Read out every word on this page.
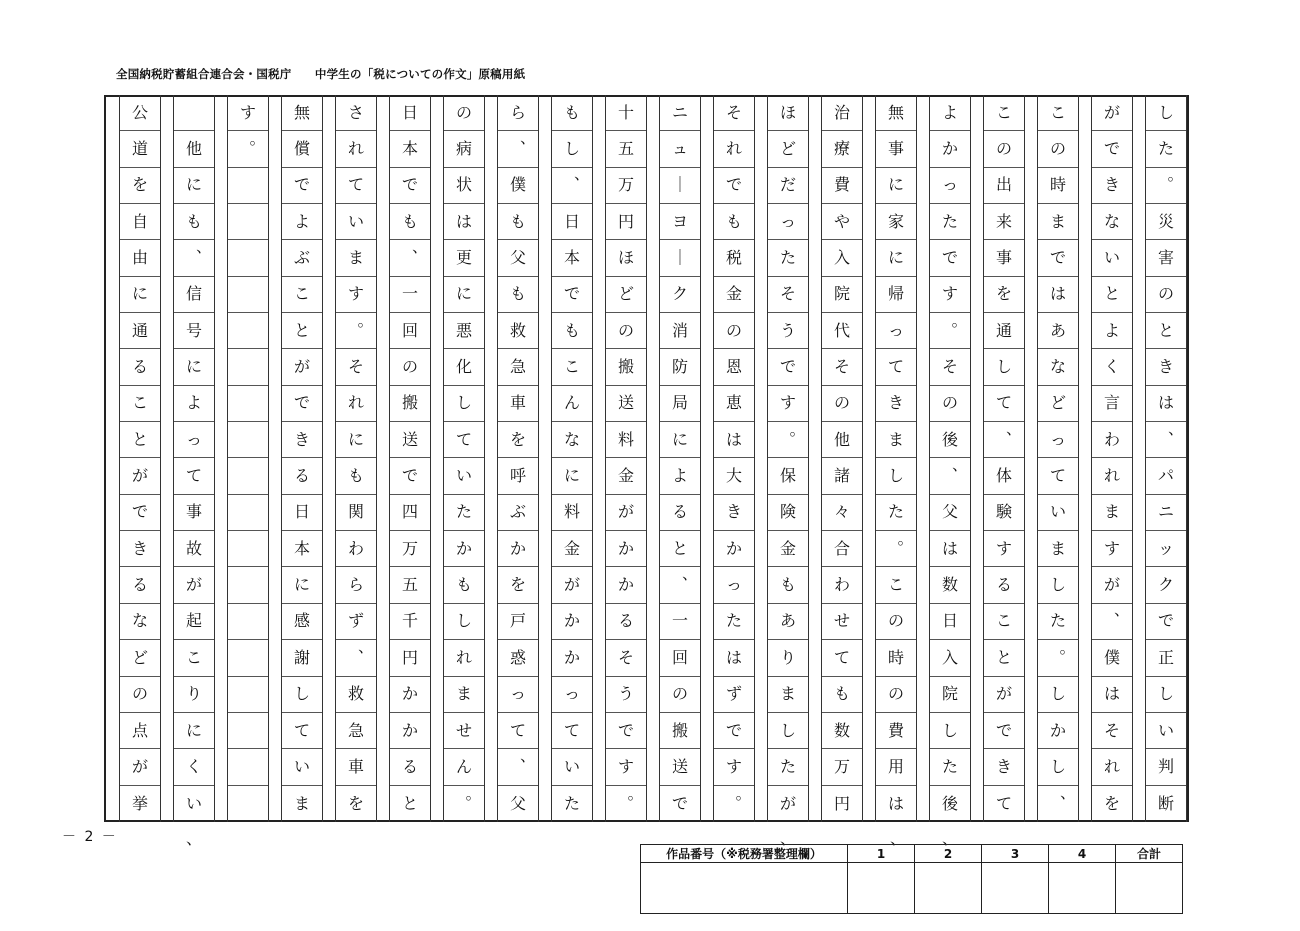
全国納税貯蓄組合連合会・国税庁　　中学生の「税についての作文」原稿用紙
し
た
︒
災
害
の
と
き
は
︑
パ
ニ
ッ
ク
で
正
し
い
判
断
が
で
き
な
い
と
よ
く
言
わ
れ
ま
す
が
︑
僕
は
そ
れ
を
こ
の
時
ま
で
は
あ
な
ど
っ
て
い
ま
し
た
︒
し
か
し
︑
こ
の
出
来
事
を
通
し
て
︑
体
験
す
る
こ
と
が
で
き
て
よ
か
っ
た
で
す
︒
そ
の
後
︑
父
は
数
日
入
院
し
た
後
無
事
に
家
に
帰
っ
て
き
ま
し
た
︒
こ
の
時
の
費
用
は
治
療
費
や
入
院
代
そ
の
他
諸
々
合
わ
せ
て
も
数
万
円
ほ
ど
だ
っ
た
そ
う
で
す
︒
保
険
金
も
あ
り
ま
し
た
が
そ
れ
で
も
税
金
の
恩
恵
は
大
き
か
っ
た
は
ず
で
す
︒
ニ
ュ
｜
ヨ
｜
ク
消
防
局
に
よ
る
と
︑
一
回
の
搬
送
で
十
五
万
円
ほ
ど
の
搬
送
料
金
が
か
か
る
そ
う
で
す
︒
も
し
︑
日
本
で
も
こ
ん
な
に
料
金
が
か
か
っ
て
い
た
ら
︑
僕
も
父
も
救
急
車
を
呼
ぶ
か
を
戸
惑
っ
て
︑
父
の
病
状
は
更
に
悪
化
し
て
い
た
か
も
し
れ
ま
せ
ん
︒
日
本
で
も
︑
一
回
の
搬
送
で
四
万
五
千
円
か
か
る
と
さ
れ
て
い
ま
す
︒
そ
れ
に
も
関
わ
ら
ず
︑
救
急
車
を
無
償
で
よ
ぶ
こ
と
が
で
き
る
日
本
に
感
謝
し
て
い
ま
す
︒

他
に
も
︑
信
号
に
よ
っ
て
事
故
が
起
こ
り
に
く
い
公
道
を
自
由
に
通
る
こ
と
が
で
き
る
な
ど
の
点
が
挙
、	、	、 、
－ 2 －
作品番号（※税務署整理欄）	1	2	3	4	合計
